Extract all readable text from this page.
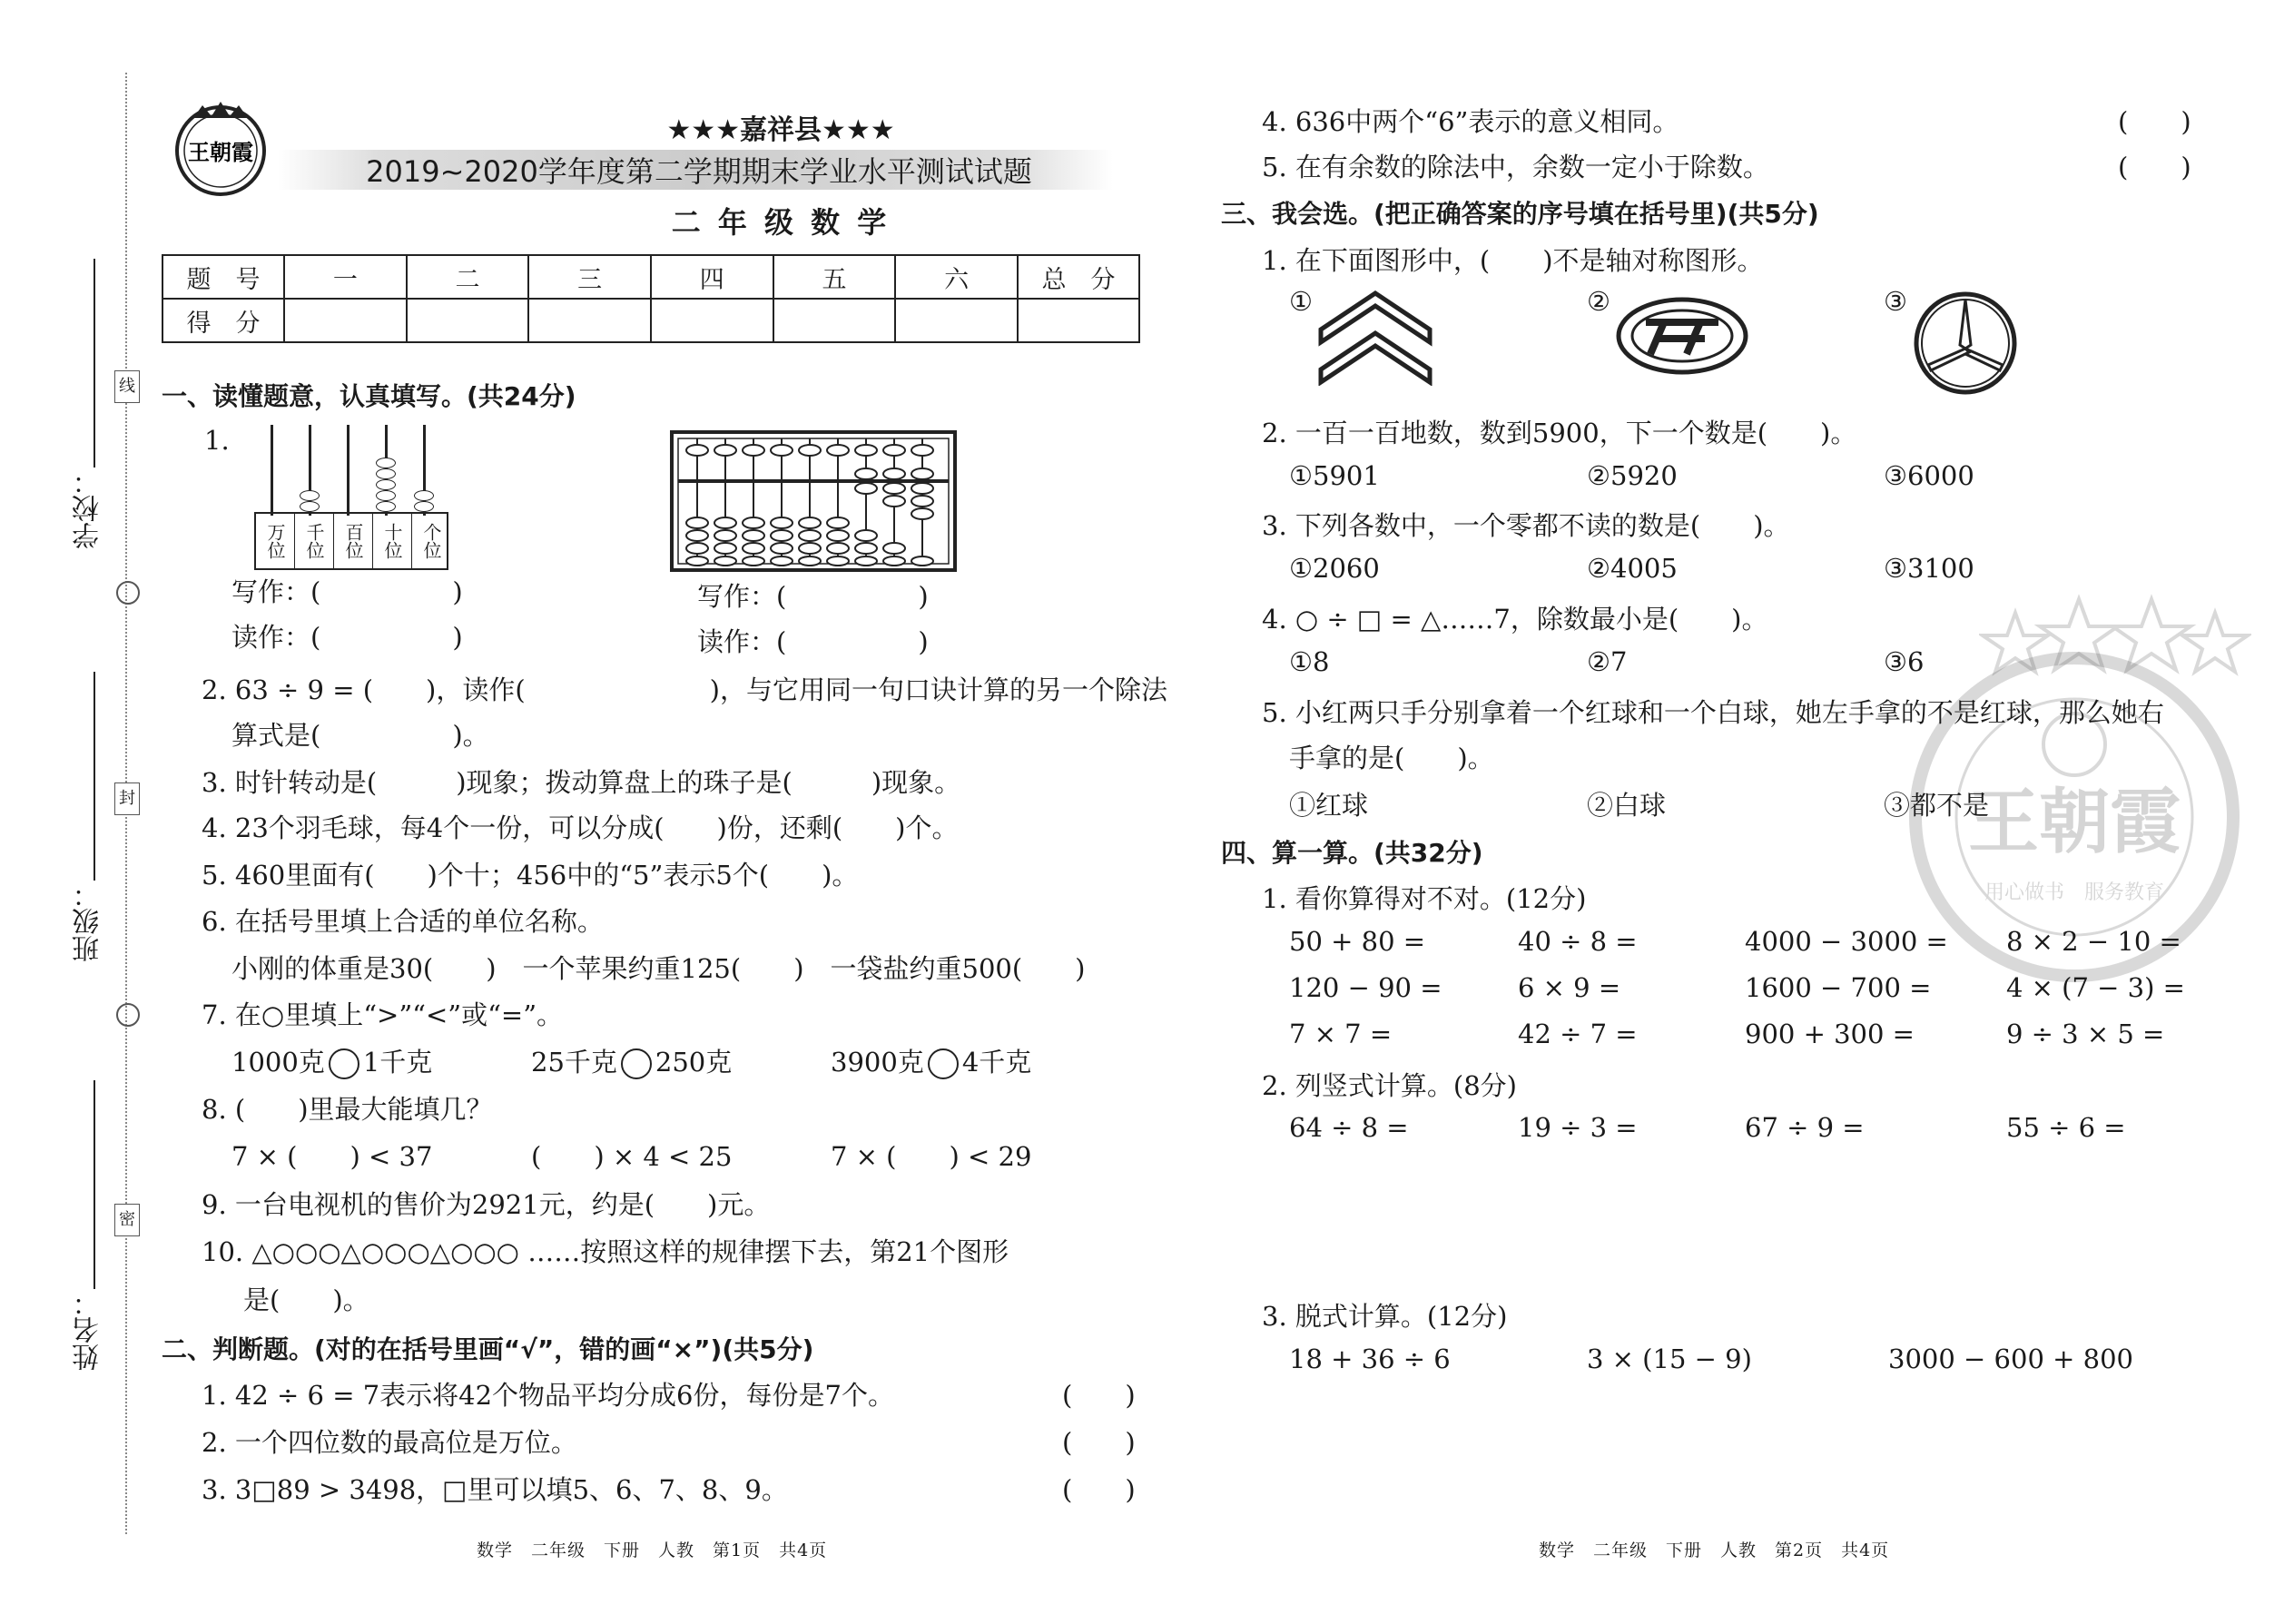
线
封
密
学校：
班级：
姓名：
王朝霞
★★★嘉祥县★★★
2019~2020学年度第二学期期末学业水平测试试题
二 年 级 数 学
题　号	一	二	三	四	五	六	总　分
得　分							
一、读懂题意，认真填写。(共24分)
1.
万位 千位 百位 十位 个位
写作：(　　　　　)
读作：(　　　　　)
写作：(　　　　　)
读作：(　　　　　)
2. 63 ÷ 9 = (　　)，读作(　　　　　　　)，与它用同一句口诀计算的另一个除法
算式是(　　　　　)。
3. 时针转动是(　　　)现象；拨动算盘上的珠子是(　　　)现象。
4. 23个羽毛球，每4个一份，可以分成(　　)份，还剩(　　)个。
5. 460里面有(　　)个十；456中的“5”表示5个(　　)。
6. 在括号里填上合适的单位名称。
小刚的体重是30(　　)　一个苹果约重125(　　)　一袋盐约重500(　　)
7. 在○里填上“>”“<”或“=”。
1000克 1千克	25千克 250克	3900克 4千克
8. (　　)里最大能填几？
7 × (　　) < 37	(　　) × 4 < 25	7 × (　　) < 29
9. 一台电视机的售价为2921元，约是(　　)元。
10. △○○○△○○○△○○○ ……按照这样的规律摆下去，第21个图形
是(　　)。
二、判断题。(对的在括号里画“√”，错的画“×”)(共5分)
1. 42 ÷ 6 = 7表示将42个物品平均分成6份，每份是7个。	(　　)
2. 一个四位数的最高位是万位。	(　　)
3. 3□89 > 3498，□里可以填5、6、7、8、9。	(　　)
数学　二年级　下册　人教　第1页　共4页
王朝霞
用心做书　服务教育
4. 636中两个“6”表示的意义相同。	(　　)
5. 在有余数的除法中，余数一定小于除数。	(　　)
三、我会选。(把正确答案的序号填在括号里)(共5分)
1. 在下面图形中，(　　)不是轴对称图形。
①	②	③
2. 一百一百地数，数到5900，下一个数是(　　)。
①5901	②5920	③6000
3. 下列各数中，一个零都不读的数是(　　)。
①2060	②4005	③3100
4. ○ ÷ □ = △……7，除数最小是(　　)。
①8	②7	③6
5. 小红两只手分别拿着一个红球和一个白球，她左手拿的不是红球，那么她右
手拿的是(　　)。
①红球	②白球	③都不是
四、算一算。(共32分)
1. 看你算得对不对。(12分)
50 + 80 =	40 ÷ 8 =	4000 − 3000 = 8 × 2 − 10 =
120 − 90 =	6 × 9 =	1600 − 700 =	4 × (7 − 3) =
7 × 7 =	42 ÷ 7 =	900 + 300 =	9 ÷ 3 × 5 =
2. 列竖式计算。(8分)
64 ÷ 8 =	19 ÷ 3 =	67 ÷ 9 =	55 ÷ 6 =
3. 脱式计算。(12分)
18 + 36 ÷ 6	3 × (15 − 9)	3000 − 600 + 800
数学　二年级　下册　人教　第2页　共4页
